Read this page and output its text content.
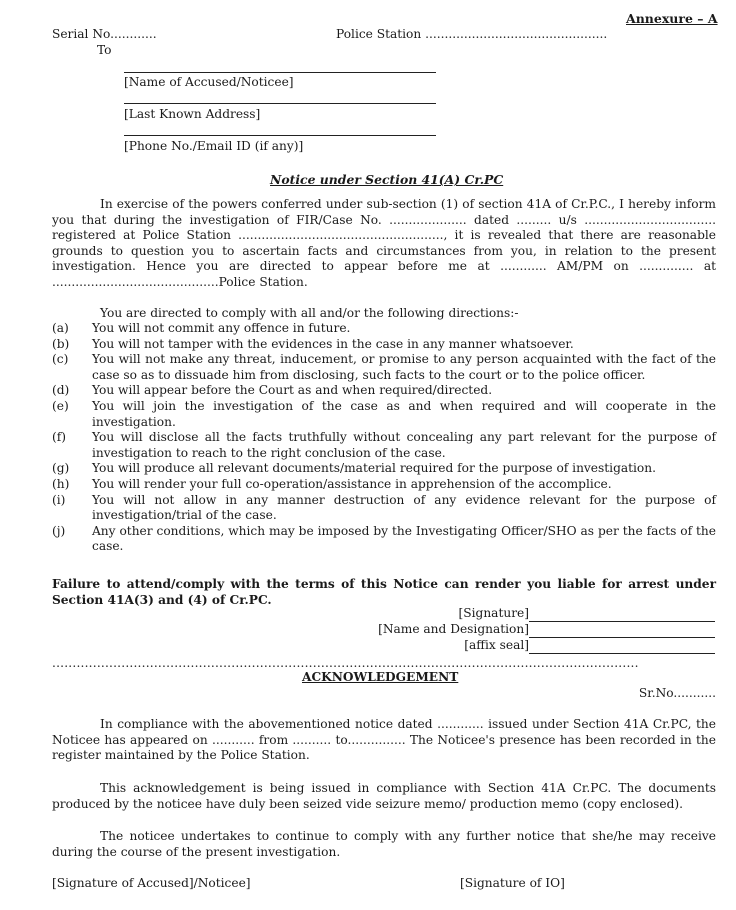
Annexure – A
Serial No............	Police Station ...............................................
To
[Name of Accused/Noticee]
[Last Known Address]
[Phone No./Email ID (if any)]
Notice under Section 41(A) Cr.PC

In exercise of the powers conferred under sub-section (1) of section 41A of Cr.P.C., I hereby inform you that during the investigation of FIR/Case No. .................... dated ......... u/s .................................. registered at Police Station ....................................................., it is revealed that there are reasonable grounds to question you to ascertain facts and circumstances from you, in relation to the present investigation. Hence you are directed to appear before me at ............ AM/PM on .............. at ...........................................Police Station.

You are directed to comply with all and/or the following directions:-

(a) You will not commit any offence in future.
(b) You will not tamper with the evidences in the case in any manner whatsoever.
(c) You will not make any threat, inducement, or promise to any person acquainted with the fact of the case so as to dissuade him from disclosing, such facts to the court or to the police officer.
(d) You will appear before the Court as and when required/directed.
(e) You will join the investigation of the case as and when required and will cooperate in the investigation.
(f) You will disclose all the facts truthfully without concealing any part relevant for the purpose of investigation to reach to the right conclusion of the case.
(g) You will produce all relevant documents/material required for the purpose of investigation.
(h) You will render your full co-operation/assistance in apprehension of the accomplice.
(i) You will not allow in any manner destruction of any evidence relevant for the purpose of investigation/trial of the case.
(j) Any other conditions, which may be imposed by the Investigating Officer/SHO as per the facts of the case.

Failure to attend/comply with the terms of this Notice can render you liable for arrest under Section 41A(3) and (4) of Cr.PC.

[Signature]
[Name and Designation]
[affix seal]
................................................................................................................................................
ACKNOWLEDGEMENT
Sr.No...........

In compliance with the abovementioned notice dated ............ issued under Section 41A Cr.PC, the Noticee has appeared on ........... from .......... to............... The Noticee's presence has been recorded in the register maintained by the Police Station.

This acknowledgement is being issued in compliance with Section 41A Cr.PC. The documents produced by the noticee have duly been seized vide seizure memo/ production memo (copy enclosed).

The noticee undertakes to continue to comply with any further notice that she/he may receive during the course of the present investigation.

[Signature of Accused]/Noticee]	[Signature of IO]
